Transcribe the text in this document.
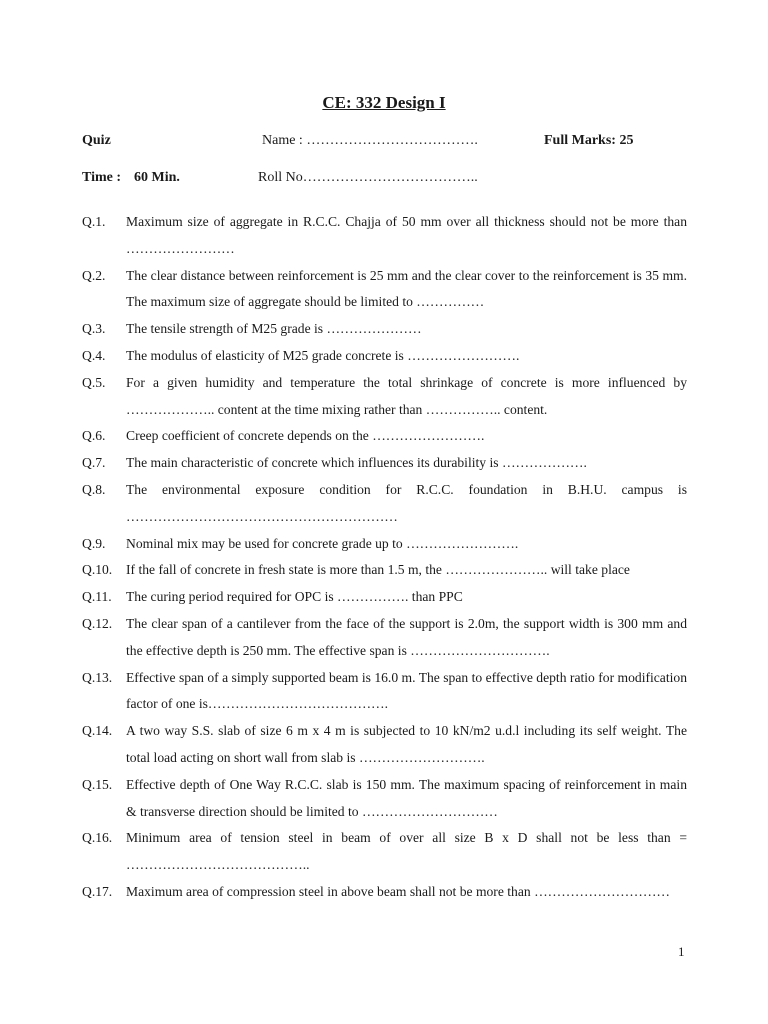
CE: 332 Design I
Quiz	Name : ……………………………….	Full Marks: 25
Time : 60 Min.	Roll No………………………………..
Q.1. Maximum size of aggregate in R.C.C. Chajja of 50 mm over all thickness should not be more than ……………………
Q.2. The clear distance between reinforcement is 25 mm and the clear cover to the reinforcement is 35 mm. The maximum size of aggregate should be limited to ……………
Q.3. The tensile strength of M25 grade is …………………
Q.4. The modulus of elasticity of M25 grade concrete is …………………….
Q.5. For a given humidity and temperature the total shrinkage of concrete is more influenced by ……………….. content at the time mixing rather than …………….. content.
Q.6. Creep coefficient of concrete depends on the …………………….
Q.7. The main characteristic of concrete which influences its durability is ……………….
Q.8. The environmental exposure condition for R.C.C. foundation in B.H.U. campus is ……………………………………………………
Q.9. Nominal mix may be used for concrete grade up to …………………….
Q.10. If the fall of concrete in fresh state is more than 1.5 m, the ………………….. will take place
Q.11. The curing period required for OPC is ……………. than PPC
Q.12. The clear span of a cantilever from the face of the support is 2.0m, the support width is 300 mm and the effective depth is 250 mm. The effective span is ………………………….
Q.13. Effective span of a simply supported beam is 16.0 m. The span to effective depth ratio for modification factor of one is………………………………….
Q.14. A two way S.S. slab of size 6 m x 4 m is subjected to 10 kN/m2 u.d.l including its self weight. The total load acting on short wall from slab is ……………………….
Q.15. Effective depth of One Way R.C.C. slab is 150 mm. The maximum spacing of reinforcement in main & transverse direction should be limited to …………………………
Q.16. Minimum area of tension steel in beam of over all size B x D shall not be less than = …………………………………..
Q.17. Maximum area of compression steel in above beam shall not be more than …………………………
1
